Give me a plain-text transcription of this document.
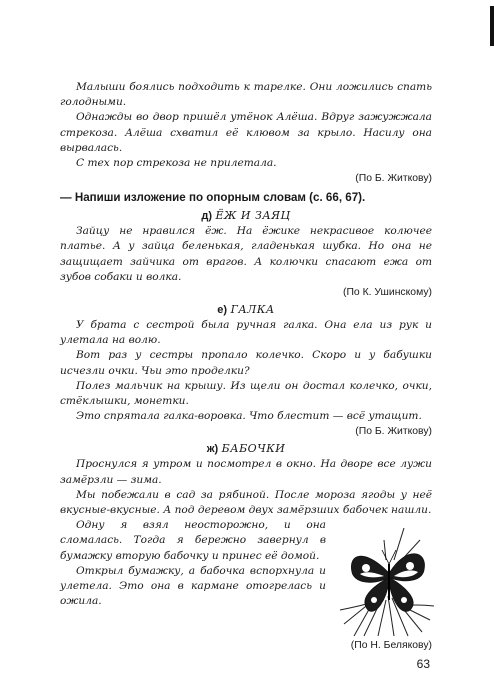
Малыши боялись подходить к тарелке. Они ложились спать голодными.

Однажды во двор пришёл утёнок Алёша. Вдруг зажужжала стрекоза. Алёша схватил её клювом за крыло. Насилу она вырвалась.

С тех пор стрекоза не прилетала.

(По Б. Житкову)
— Напиши изложение по опорным словам (с. 66, 67).
д) ЁЖ И ЗАЯЦ

Зайцу не нравился ёж. На ёжике некрасивое колючее платье. А у зайца беленькая, гладенькая шубка. Но она не защищает зайчика от врагов. А колючки спасают ежа от зубов собаки и волка.

(По К. Ушинскому)
е) ГАЛКА

У брата с сестрой была ручная галка. Она ела из рук и улетала на волю.

Вот раз у сестры пропало колечко. Скоро и у бабушки исчезли очки. Чьи это проделки?

Полез мальчик на крышу. Из щели он достал колечко, очки, стёклышки, монетки.

Это спрятала галка-воровка. Что блестит — всё утащит.

(По Б. Житкову)
ж) БАБОЧКИ

Проснулся я утром и посмотрел в окно. На дворе все лужи замёрзли — зима.

Мы побежали в сад за рябиной. После мороза ягоды у неё вкусные-вкусные. А под деревом двух замёрзших бабочек нашли.

Одну я взял неосторожно, и она сломалась. Тогда я бережно завернул в бумажку вторую бабочку и принес её домой.

Открыл бумажку, а бабочка вспорхнула и улетела. Это она в кармане отогрелась и ожила.

(По Н. Белякову)
63
